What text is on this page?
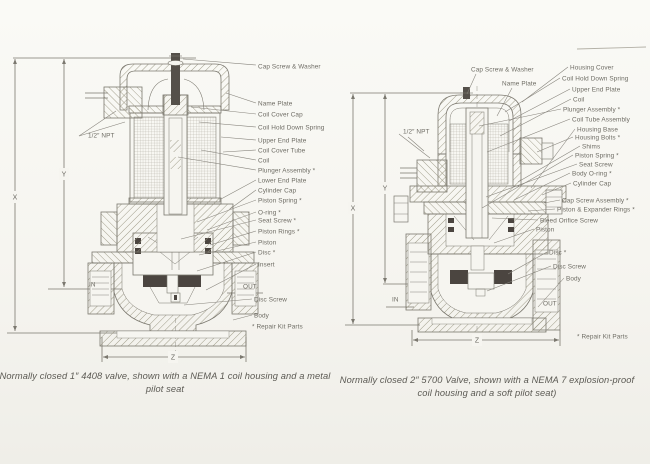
Cap Screw & Washer
Name Plate
Coil Cover Cap
Coil Hold Down Spring
Upper End Plate
Coil Cover Tube
Coil
Plunger Assembly *
Lower End Plate
Cylinder Cap
Piston Spring *
O-ring *
Seat Screw *
Piston Rings *
Piston
Disc *
Insert
OUT
Disc Screw
Body
* Repair Kit Parts
1/2″ NPT
IN
X
Y
Z
Normally closed 1″ 4408 valve, shown with a NEMA 1 coil housing and a metal
pilot seat
Cap Screw & Washer
Name Plate
Housing Cover
Coil Hold Down Spring
Upper End Plate
Coil
Plunger Assembly *
Coil Tube Assembly
Housing Base
Housing Bolts *
Shims
Piston Spring *
Seat Screw
Body O-ring *
Cylinder Cap
Cap Screw Assembly *
Piston & Expander Rings *
Bleed Orifice Screw
Piston
Disc *
Disc Screw
Body
OUT
* Repair Kit Parts
1/2″ NPT
IN
X
Y
Z
Normally closed 2″ 5700 Valve, shown with a NEMA 7 explosion-proof
coil housing and a soft pilot seat)
